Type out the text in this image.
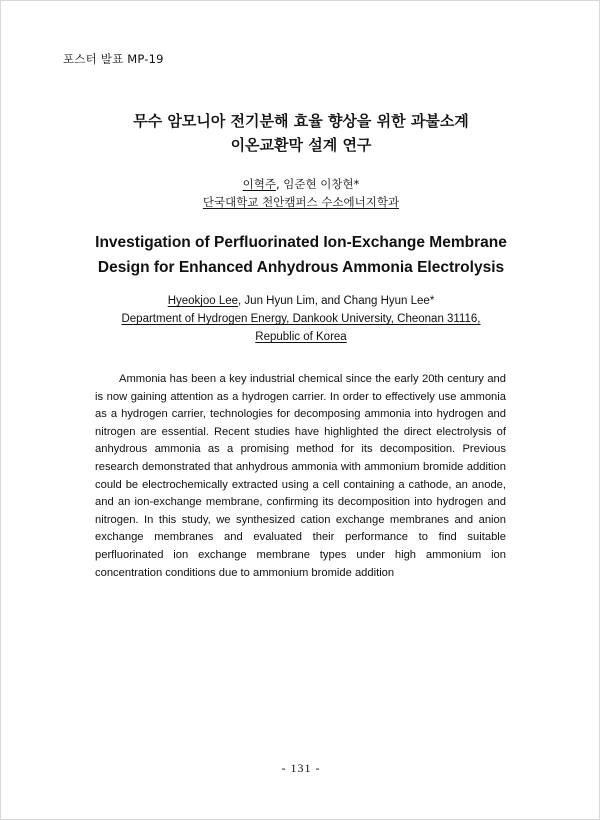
포스터 발표 MP-19
무수 암모니아 전기분해 효율 향상을 위한 과불소계
이온교환막 설계 연구
이혁주, 임준현 이창현*
단국대학교 천안캠퍼스 수소에너지학과
Investigation of Perfluorinated Ion-Exchange Membrane
Design for Enhanced Anhydrous Ammonia Electrolysis
Hyeokjoo Lee, Jun Hyun Lim, and Chang Hyun Lee*
Department of Hydrogen Energy, Dankook University, Cheonan 31116,
Republic of Korea

Ammonia has been a key industrial chemical since the early 20th century and is now gaining attention as a hydrogen carrier. In order to effectively use ammonia as a hydrogen carrier, technologies for decomposing ammonia into hydrogen and nitrogen are essential. Recent studies have highlighted the direct electrolysis of anhydrous ammonia as a promising method for its decomposition. Previous research demonstrated that anhydrous ammonia with ammonium bromide addition could be electrochemically extracted using a cell containing a cathode, an anode, and an ion-exchange membrane, confirming its decomposition into hydrogen and nitrogen. In this study, we synthesized cation exchange membranes and anion exchange membranes and evaluated their performance to find suitable perfluorinated ion exchange membrane types under high ammonium ion concentration conditions due to ammonium bromide addition

- 131 -
